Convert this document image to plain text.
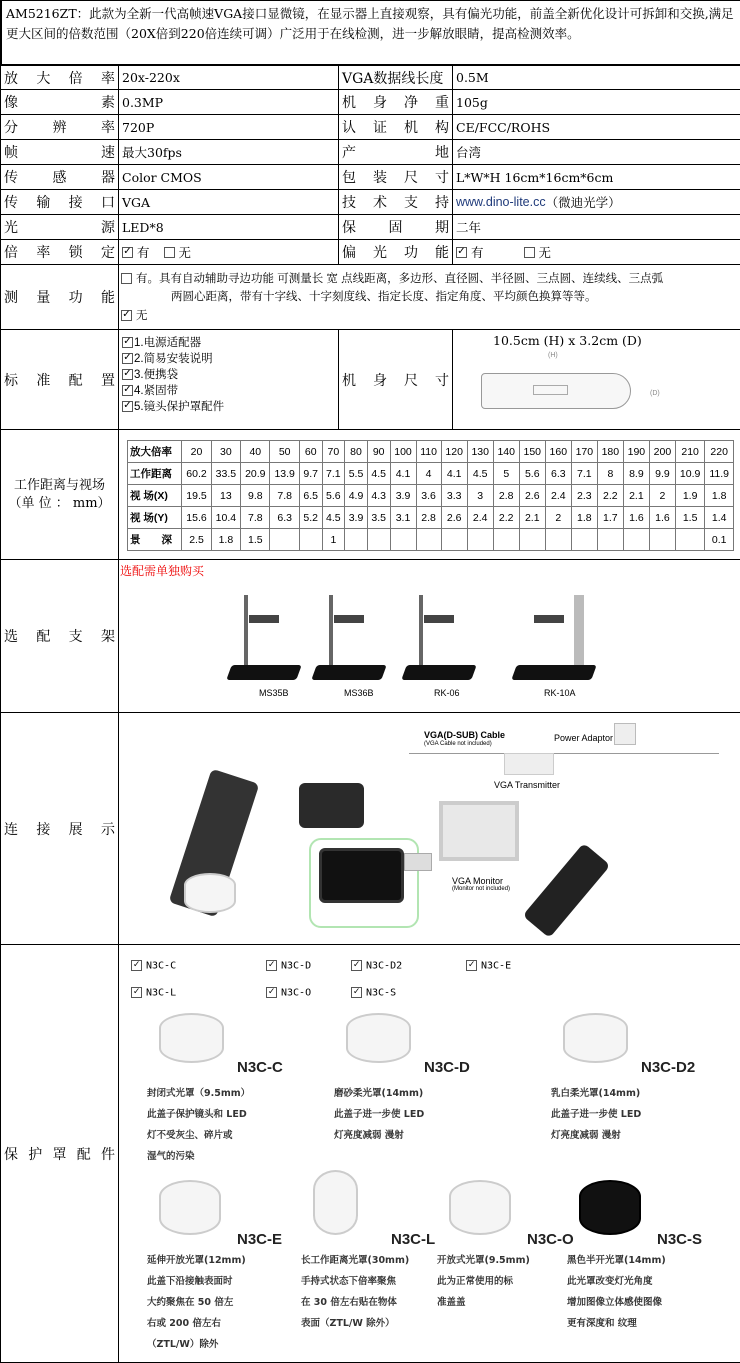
AM5216ZT：此款为全新一代高帧速VGA接口显微镜，在显示器上直接观察，具有偏光功能，前盖全新优化设计可拆卸和交换,满足更大区间的倍数范围（20X倍到220倍连续可调）广泛用于在线检测，进一步解放眼睛，提高检测效率。
放 大 倍 率 20x-220x	VGA数据线长度 0.5M
像	素 0.3MP	机 身 净 重 105g
分 辨 率 720P	认 证 机 构 CE/FCC/ROHS
帧	速 最大30fps	产	地 台湾
传 感 器 Color CMOS	包 装 尺 寸 L*W*H 16cm*16cm*6cm
传 输 接 口 VGA	技 术 支 持 www.dino-lite.cc （微迪光学）
光	源 LED*8	保 固 期 二年
倍 率 锁 定 ✓ 有 无	偏 光 功 能 ✓ 有	无
测 量 功 能
有。具有自动辅助寻边功能 可测量长 宽 点线距离，多边形、直径圆、半径圆、三点圆、连续线、三点弧
两圆心距离，带有十字线、十字刻度线、指定长度、指定角度、平均颜色换算等等。
✓ 无
标 准 配 置
✓ 1.电源适配器
✓ 2.简易安装说明
✓ 3.便携袋
✓ 4.紧固带
✓ 5.镜头保护罩配件
机 身 尺 寸
10.5cm (H) x 3.2cm (D)
(H)
(D)
工作距离与视场
（单 位 ： mm）
放大倍率	20	30	40	50	60	70	80	90	100	110	120	130	140	150	160	170	180	190	200	210	220
工作距离	60.2	33.5	20.9	13.9	9.7	7.1	5.5	4.5	4.1	4	4.1	4.5	5	5.6	6.3	7.1	8	8.9	9.9	10.9	11.9
视 场(X)	19.5	13	9.8	7.8	6.5	5.6	4.9	4.3	3.9	3.6	3.3	3	2.8	2.6	2.4	2.3	2.2	2.1	2	1.9	1.8
视 场(Y)	15.6	10.4	7.8	6.3	5.2	4.5	3.9	3.5	3.1	2.8	2.6	2.4	2.2	2.1	2	1.8	1.7	1.6	1.6	1.5	1.4
景　　深	2.5	1.8	1.5			1															0.1
选 配 支 架
选配需单独购买
MS35B	MS36B	RK-06	RK-10A
连 接 展 示
VGA(D-SUB) Cable
(VGA Cable not included)
Power Adaptor
VGA Transmitter
VGA Monitor
(Monitor not included)
保 护 罩 配 件
✓ N3C-C	✓ N3C-D	✓ N3C-D2	✓ N3C-E
✓ N3C-L	✓ N3C-O	✓ N3C-S
N3C-C
封闭式光罩（9.5mm）
此盖子保护镜头和 LED
灯不受灰尘、碎片或
湿气的污染
N3C-D
磨砂柔光罩(14mm)
此盖子进一步使 LED
灯亮度减弱 漫射
N3C-D2
乳白柔光罩(14mm)
此盖子进一步使 LED
灯亮度减弱 漫射
N3C-E
延伸开放光罩(12mm)
此盖下沿接触表面时
大约聚焦在 50 倍左
右或 200 倍左右
（ZTL/W）除外
N3C-L
长工作距离光罩(30mm)
手持式状态下倍率聚焦
在 30 倍左右贴在物体
表面（ZTL/W 除外）
N3C-O
开放式光罩(9.5mm)
此为正常使用的标
准盖盖
N3C-S
黑色半开光罩(14mm)
此光罩改变灯光角度
增加图像立体感使图像
更有深度和 纹理
